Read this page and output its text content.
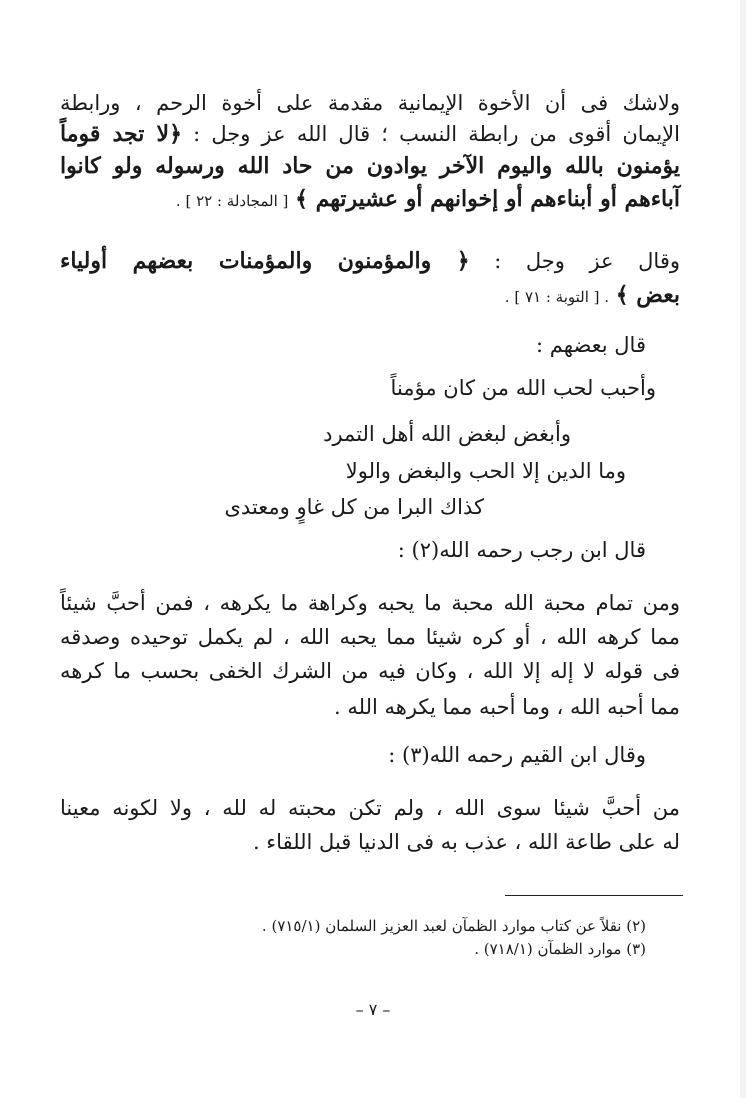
ولاشك فى أن الأخوة الإيمانية مقدمة على أخوة الرحم ، ورابطة
الإيمان أقوى من رابطة النسب ؛ قال الله عز وجل : ﴿لا تجد قوماً
يؤمنون بالله واليوم الآخر يوادون من حاد الله ورسوله ولو كانوا
آباءهم أو أبناءهم أو إخوانهم أو عشيرتهم ﴾ [ المجادلة : ٢٢ ] .
وقال عز وجل : ﴿ والمؤمنون والمؤمنات بعضهم أولياء
بعض ﴾ . [ التوبة : ٧١ ] .
قال بعضهم :
وأحبب لحب الله من كان مؤمناً
وأبغض لبغض الله أهل التمرد
وما الدين إلا الحب والبغض والولا
كذاك البرا من كل غاوٍ ومعتدى
قال ابن رجب رحمه الله(٢) :
ومن تمام محبة الله محبة ما يحبه وكراهة ما يكرهه ، فمن أحبَّ شيئاً
مما كرهه الله ، أو كره شيئا مما يحبه الله ، لم يكمل توحيده وصدقه
فى قوله لا إله إلا الله ، وكان فيه من الشرك الخفى بحسب ما كرهه
مما أحبه الله ، وما أحبه مما يكرهه الله .
وقال ابن القيم رحمه الله(٣) :
من أحبَّ شيئا سوى الله ، ولم تكن محبته له لله ، ولا لكونه معينا
له على طاعة الله ، عذب به فى الدنيا قبل اللقاء .
(٢) نقلاً عن كتاب موارد الظمآن لعبد العزيز السلمان (٧١٥/١) .
(٣) موارد الظمآن (٧١٨/١) .
– ٧ –
